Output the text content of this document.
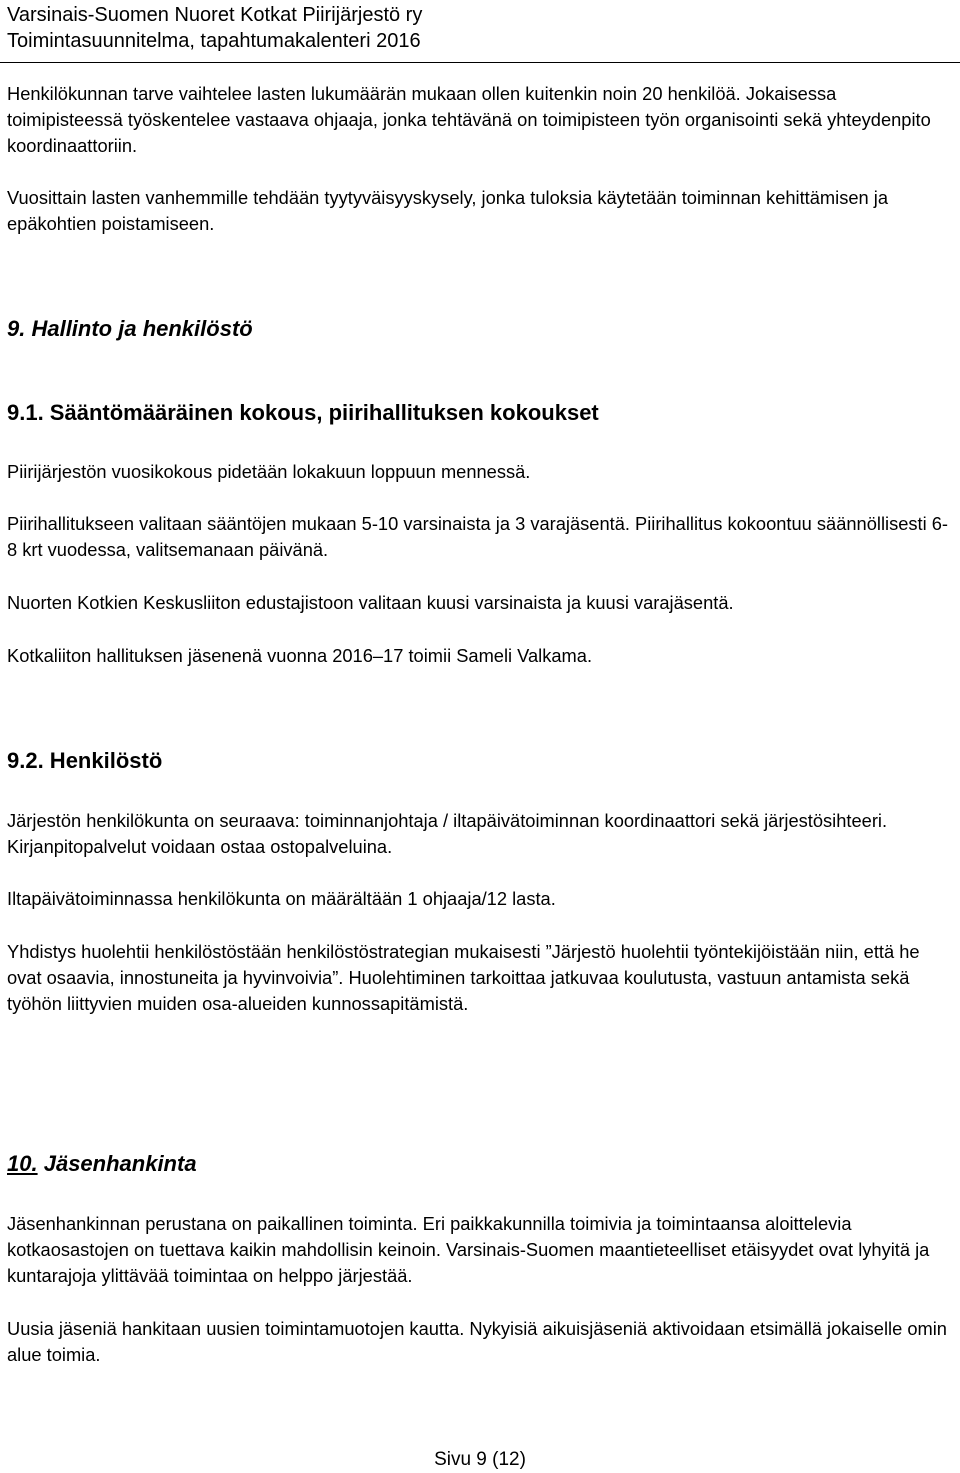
Varsinais-Suomen Nuoret Kotkat Piirijärjestö ry
Toimintasuunnitelma, tapahtumakalenteri 2016

Henkilökunnan tarve vaihtelee lasten lukumäärän mukaan ollen kuitenkin noin 20 henkilöä. Jokaisessa toimipisteessä työskentelee vastaava ohjaaja, jonka tehtävänä on toimipisteen työn organisointi sekä yhteydenpito koordinaattoriin.

Vuosittain lasten vanhemmille tehdään tyytyväisyyskysely, jonka tuloksia käytetään toiminnan kehittämisen ja epäkohtien poistamiseen.

9. Hallinto ja henkilöstö
9.1. Sääntömääräinen kokous, piirihallituksen kokoukset

Piirijärjestön vuosikokous pidetään lokakuun loppuun mennessä.

Piirihallitukseen valitaan sääntöjen mukaan 5-10 varsinaista ja 3 varajäsentä. Piirihallitus kokoontuu säännöllisesti 6-8 krt vuodessa, valitsemanaan päivänä.

Nuorten Kotkien Keskusliiton edustajistoon valitaan kuusi varsinaista ja kuusi varajäsentä.

Kotkaliiton hallituksen jäsenenä vuonna 2016–17 toimii Sameli Valkama.

9.2. Henkilöstö

Järjestön henkilökunta on seuraava: toiminnanjohtaja / iltapäivätoiminnan koordinaattori sekä järjestösihteeri. Kirjanpitopalvelut voidaan ostaa ostopalveluina.

Iltapäivätoiminnassa henkilökunta on määrältään 1 ohjaaja/12 lasta.

Yhdistys huolehtii henkilöstöstään henkilöstöstrategian mukaisesti ”Järjestö huolehtii työntekijöistään niin, että he ovat osaavia, innostuneita ja hyvinvoivia”. Huolehtiminen tarkoittaa jatkuvaa koulutusta, vastuun antamista sekä työhön liittyvien muiden osa-alueiden kunnossapitämistä.

10. Jäsenhankinta

Jäsenhankinnan perustana on paikallinen toiminta. Eri paikkakunnilla toimivia ja toimintaansa aloittelevia kotkaosastojen on tuettava kaikin mahdollisin keinoin. Varsinais-Suomen maantieteelliset etäisyydet ovat lyhyitä ja kuntarajoja ylittävää toimintaa on helppo järjestää.

Uusia jäseniä hankitaan uusien toimintamuotojen kautta. Nykyisiä aikuisjäseniä aktivoidaan etsimällä jokaiselle omin alue toimia.

Sivu 9 (12)
